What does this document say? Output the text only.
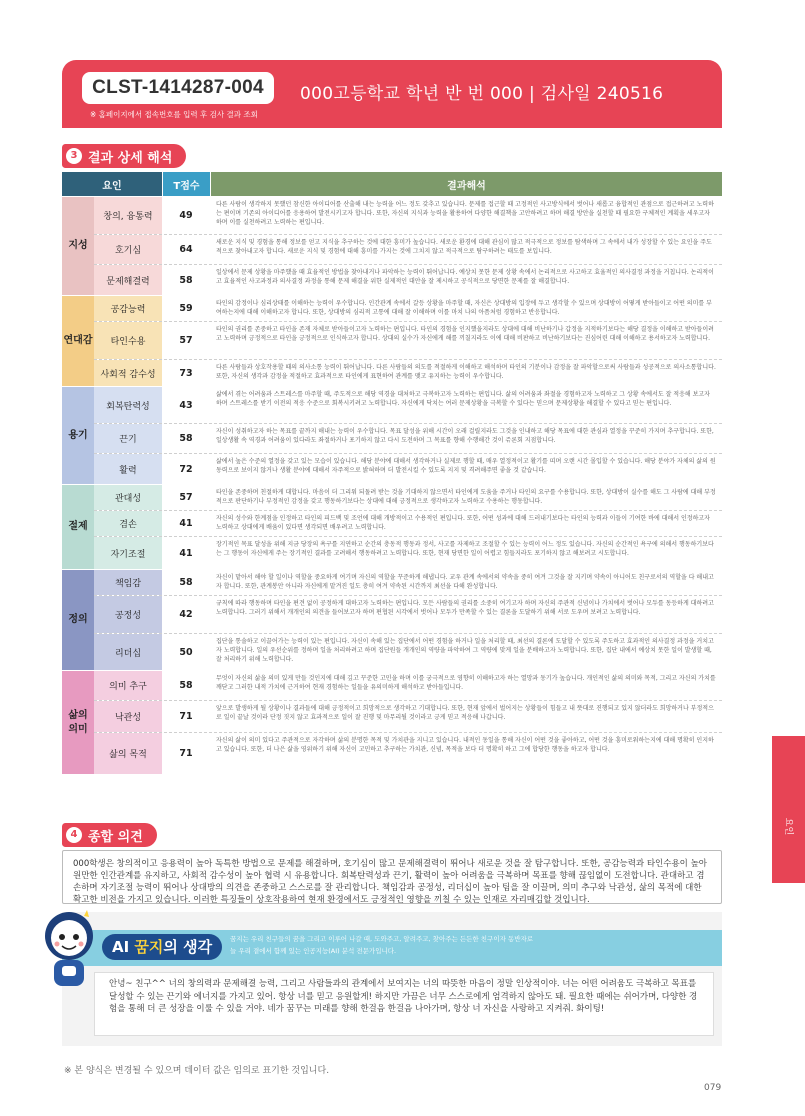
CLST-1414287-004
※ 홈페이지에서 접속번호를 입력 후 검사 결과 조회
000고등학교 학년 반 번 000 | 검사일 240516
3 결과 상세 해석
요인	T점수	결과해석
지성
창의, 융통력	49
다른 사람이 생각하지 못했던 참신한 아이디어를 산출해 내는 능력을 어느 정도 갖추고 있습니다. 문제를 접근할 때 고정적인 사고방식에서 벗어나 새롭고 융합적인 관점으로 접근하려고 노력하는 편이며 기존의 아이디어를 응용하여 발전시키고자 합니다. 또한, 자신의 지식과 능력을 활용하여 다양한 해결책을 고안하려고 하며 해결 방안을 실천할 때 필요한 구체적인 계획을 세우고자 하며 이를 실천하려고 노력하는 편입니다.
호기심	64
새로운 지식 및 경험을 통해 정보를 얻고 지식을 추구하는 것에 대한 흥미가 높습니다. 새로운 환경에 대해 관심이 많고 적극적으로 정보를 탐색하며 그 속에서 내가 성장할 수 있는 요인을 주도적으로 찾아내고자 합니다. 새로운 지식 및 경험에 대해 흥미를 가지는 것에 그치지 않고 적극적으로 탐구하려는 태도를 보입니다.
문제해결력	58
일상에서 문제 상황을 마주했을 때 효율적인 방법을 찾아내거나 파악하는 능력이 뛰어납니다. 예상치 못한 문제 상황 속에서 논리적으로 사고하고 효율적인 의사결정 과정을 거칩니다. 논리적이고 효율적인 사고과정과 의사결정 과정을 통해 문제 해결을 위한 실제적인 대안을 잘 제시하고 공식적으로 당면한 문제를 잘 해결합니다.
연대감
공감능력	59	타인의 감정이나 심리상태를 이해하는 능력이 우수합니다. 인간관계 속에서 갈등 상황을 마주할 때, 자신은 상대방의 입장에 두고 생각할 수 있으며 상대방이 어떻게 받아들이고 어떤 의미를 부여하는지에 대해 이해하고자 합니다. 또한, 상대방의 심리적 고통에 대해 잘 이해하며 이를 마치 나의 아픔처럼 경험하고 반응합니다.
타인수용	57
타인의 권리를 존중하고 타인을 존재 자체로 받아들이고자 노력하는 편입니다. 타인의 경험을 인지했을지라도 상대에 대해 비난하기나 갑정을 지적하기보다는 해당 결정을 이해하고 받아들이려고 노력하며 긍정적으로 타인을 긍정적으로 인식하고자 합니다. 상대의 실수가 자신에게 해를 끼칠지라도 이에 대해 비판하고 비난하기보다는 진심어린 대해 이해하고 용서하고자 노력합니다.
사회적 감수성	73	다른 사람들과 상호작용할 때의 의사소통 능력이 뛰어납니다. 다른 사람들의 의도를 적절하게 이해하고 해석하며 타인의 기분이나 감정을 잘 파악할으로써 사람들과 성공적으로 의사소통합니다. 또한, 자신의 생각과 감정을 적절하고 효과적으로 타인에게 표현하여 관계를 맺고 유지하는 능력이 우수합니다.
용기
회복탄력성	43
삶에서 겪는 어려움과 스트레스를 마주할 때, 주도적으로 해당 역경을 대처하고 극복하고자 노력하는 편입니다. 삶의 어려움과 좌절을 경험하고자 노력하고 그 상황 속에서도 잘 적응해 보고자 하며 스트레스를 받기 이전의 적응 수준으로 회복시키려고 노력합니다. 자신에게 닥치는 여러 문제상황을 극복할 수 있다는 믿으며 문제상황을 해결할 수 있다고 믿는 편입니다.
끈기	58
자신이 성취하고자 하는 목표를 끝까지 해내는 능력이 우수합니다. 목표 달성을 위해 시간이 오래 걸릴지라도 그것을 인내하고 해당 목표에 대한 관심과 열정을 꾸준히 가지며 추구합니다. 또한, 일상생활 속 역경과 어려움이 있다라도 좌절하거나 포기하지 않고 다시 도전하며 그 목표를 향해 수행해간 것이 쥬론회 지점합니다.
활력	72
삶에서 높은 수준의 열정을 갖고 있는 모습이 있습니다. 해당 분야에 대해서 생각하거나 실제로 행할 때, 매우 열정적이고 활기를 띠며 오랜 시간 몰입할 수 있습니다. 해당 분야가 자체의 삶의 원동력으로 보이지 않거나 생활 분야에 대해서 자주적으로 밝혀하며 더 발전시킬 수 있도록 지지 및 격려해주면 좋을 것 같습니다.
절제
관대성	57	타인을 존중하며 친절하게 대합니다. 마음이 더 그리워 되돌려 받는 것을 기대하지 않으면서 타인에게 도움을 주거나 타인의 요구를 수용합니다. 또한, 상대방이 실수를 해도 그 사람에 대해 부정적으로 판단하기나 부정적인 감정을 갖고 행동하기보다는 상대에 대해 긍정적으로 생각하고자 노력하고 수용하는 행동합니다.
겸손	41	자신의 성수와 한계점을 인정하고 타인의 피드백 및 조언에 대해 개방적이고 수용적인 편입니다. 또한, 어떤 성과에 대해 드러내기보다는 타인의 능력과 이들이 기여한 바에 대해서 인정하고자 노력하고 상대에게 배움이 있다면 생각되면 배우려고 노력합니다.
자기조절	41
장기적인 목표 달성을 위해 지금 당장의 욕구를 지연하고 순간의 충동적 행동과 정서, 사고를 자제하고 조절할 수 있는 능력이 어느 정도 있습니다. 자신의 순간적인 욕구에 의해서 행동하기보다는 그 행동이 자신에게 주는 장기적인 결과를 고려해서 행동하려고 노력합니다. 또한, 현재 당면한 일이 어렵고 힘들지라도 포기하지 않고 해보려고 시도합니다.
정의
책임감	58	자신이 맡아서 해야 할 일이나 역할을 중요하게 여기며 자신의 역할을 꾸준하게 해냅니다. 교우 관계 속에서의 약속을 중히 여겨 그것을 잘 지키며 약속이 아니어도 친구로서의 역할을 다 해내고자 합니다. 또한, 관계봉안 아니라 자신에게 맡겨진 일도 충히 여겨 약속된 시간까지 최선을 다해 완성합니다.
공정성	42
규칙에 따라 행동하며 타인을 편견 없이 공정하게 대하고자 노력하는 편입니다. 모든 사람들의 권리를 소중히 여기고자 하며 자신의 주관적 신념이나 가치에서 벗어나 모두를 동등하게 대하려고 노력합니다. 그러기 위해서 개개인의 의견을 들어보고자 하며 편협된 시각에서 벗어나 모두가 만족할 수 있는 결론을 도달하기 위해 서로 도우며 보려고 노력합니다.
리더십	50
집단을 통솔하고 이끌어가는 능력이 있는 편입니다. 자신이 속해 있는 집단에서 어떤 경험을 하거나 일을 처리할 때, 최선의 결론에 도달할 수 있도록 주도하고 효과적인 의사결정 과정을 거치고자 노력합니다. 일의 우선순위를 정하며 일을 처리하려고 하며 집단원들 개개인의 역량을 파악하여 그 역량에 맞게 일을 분배하고자 노력합니다. 또한, 집단 내에서 예상치 못한 일이 발생할 때, 잘 처리하기 위해 노력합니다.
삶의 의미
의미 추구	58
무엇이 자신의 삶을 의미 있게 만들 것인지에 대해 깊고 꾸준한 고민을 하며 이를 궁극적으로 영향히 이해하고자 하는 열망과 동기가 높습니다. 개인적인 삶의 의미와 목적, 그리고 자신의 가치를 깨닫고 그러한 내적 가치에 근거하여 현재 경험하는 일들을 유의미하게 해석하고 받아들입니다.
낙관성	71
앞으로 발생하게 될 상황이나 결과들에 대해 긍정적이고 희망적으로 생각하고 기대합니다. 또한, 현재 앞에서 벌어지는 상황들이 힘들고 내 뜻대로 진행되고 있지 않더라도 희망하거나 부정적으로 일이 끝날 것이라 단정 짓지 않고 효과적으로 일이 잘 진행 및 마무리될 것이라고 긍게 믿고 적응해 나갑니다.
삶의 목적	71
자신의 삶이 의미 있다고 주관적으로 자각하며 삶의 분명한 목적 및 가치관을 지니고 있습니다. 내적인 동일을 통해 자신이 어떤 것을 좋아하고, 어떤 것을 흥미로워하는지에 대해 명확히 인지하고 있습니다. 또한, 더 나은 삶을 영위하기 위해 자신이 고민하고 추구하는 가치관, 신념, 목적을 보다 더 명확히 하고 그에 합당한 행동을 하고자 합니다.
4 종합 의견
000학생은 창의적이고 응용력이 높아 독특한 방법으로 문제를 해결하며, 호기심이 많고 문제해결력이 뛰어나 새로운 것을 잘 탐구합니다. 또한, 공감능력과 타인수용이 높아 원만한 인간관계를 유지하고, 사회적 감수성이 높아 협력 시 유용합니다. 회복탄력성과 끈기, 활력이 높아 어려움을 극복하며 목표를 향해 끊임없이 도전합니다. 관대하고 겸손하며 자기조절 능력이 뛰어나 상대방의 의견을 존중하고 스스로를 잘 관리합니다. 책임감과 공정성, 리더십이 높아 팀을 잘 이끌며, 의미 추구와 낙관성, 삶의 목적에 대한 확고한 비전을 가지고 있습니다. 이러한 특징들이 상호작용하여 현재 환경에서도 긍정적인 영향을 끼칠 수 있는 인재로 자리매김할 것입니다.
AI 꿈지의 생각	꿈지는 우리 친구들의 꿈을 그리고 이루어 나갈 때, 도와주고, 알려주고, 찾아주는 든든한 친구이자 동반자로
늘 우리 곁에서 함께 있는 인공지능(AI) 분석 전문가입니다.
안녕~ 친구^^ 너의 창의력과 문제해결 능력, 그리고 사람들과의 관계에서 보여지는 너의 따뜻한 마음이 정말 인상적이야. 너는 어떤 어려움도 극복하고 목표를 달성할 수 있는 끈기와 에너지를 가지고 있어. 항상 너를 믿고 응원할게! 하지만 가끔은 너무 스스로에게 엄격하지 않아도 돼. 필요한 때에는 쉬어가며, 다양한 경험을 통해 더 큰 성장을 이룰 수 있을 거야. 네가 꿈꾸는 미래를 향해 한걸음 한걸음 나아가며, 항상 너 자신을 사랑하고 지켜줘. 화이팅!
※ 본 양식은 변경될 수 있으며 데이터 값은 임의로 표기한 것입니다.
079
요인
